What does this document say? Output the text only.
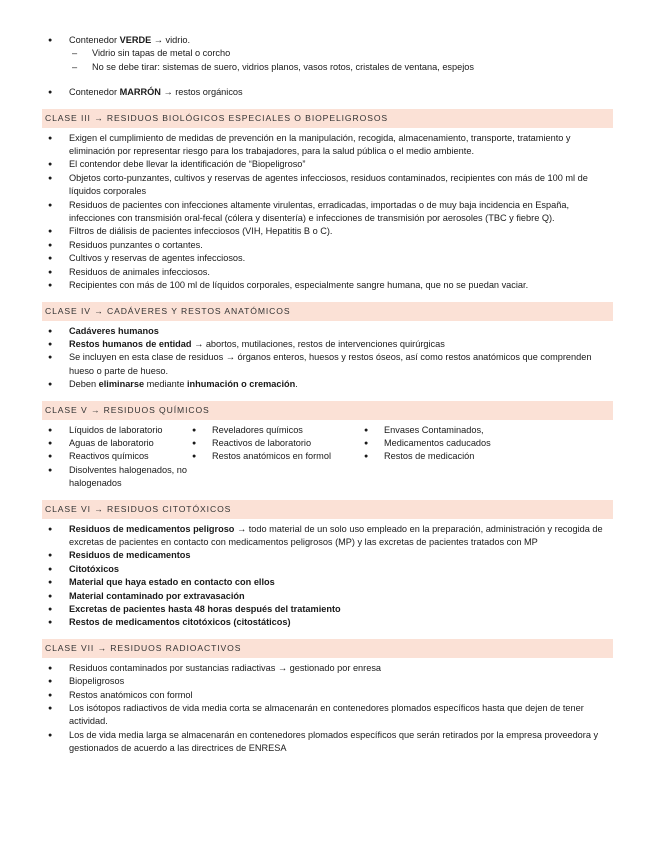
● Contenedor VERDE → vidrio.
– Vidrio sin tapas de metal o corcho
– No se debe tirar: sistemas de suero, vidrios planos, vasos rotos, cristales de ventana, espejos
● Contenedor MARRÓN → restos orgánicos
CLASE III → RESIDUOS BIOLÓGICOS ESPECIALES O BIOPELIGROSOS
● Exigen el cumplimiento de medidas de prevención en la manipulación, recogida, almacenamiento, transporte, tratamiento y eliminación por representar riesgo para los trabajadores, para la salud pública o el medio ambiente.
● El contendor debe llevar la identificación de “Biopeligroso”
● Objetos corto-punzantes, cultivos y reservas de agentes infecciosos, residuos contaminados, recipientes con más de 100 ml de líquidos corporales
● Residuos de pacientes con infecciones altamente virulentas, erradicadas, importadas o de muy baja incidencia en España, infecciones con transmisión oral-fecal (cólera y disentería) e infecciones de transmisión por aerosoles (TBC y fiebre Q).
● Filtros de diálisis de pacientes infecciosos (VIH, Hepatitis B o C).
● Residuos punzantes o cortantes.
● Cultivos y reservas de agentes infecciosos.
● Residuos de animales infecciosos.
● Recipientes con más de 100 ml de líquidos corporales, especialmente sangre humana, que no se puedan vaciar.
CLASE IV → CADÁVERES Y RESTOS ANATÓMICOS
● Cadáveres humanos
● Restos humanos de entidad → abortos, mutilaciones, restos de intervenciones quirúrgicas
● Se incluyen en esta clase de residuos → órganos enteros, huesos y restos óseos, así como restos anatómicos que comprenden hueso o parte de hueso.
● Deben eliminarse mediante inhumación o cremación.
CLASE V → RESIDUOS QUÍMICOS
● Líquidos de laboratorio
● Aguas de laboratorio
● Reactivos químicos
● Disolventes halogenados, no halogenados
● Reveladores químicos
● Reactivos de laboratorio
● Restos anatómicos en formol
● Envases Contaminados,
● Medicamentos caducados
● Restos de medicación
CLASE VI → RESIDUOS CITOTÓXICOS
● Residuos de medicamentos peligroso → todo material de un solo uso empleado en la preparación, administración y recogida de excretas de pacientes en contacto con medicamentos peligrosos (MP) y las excretas de pacientes tratados con MP
● Residuos de medicamentos
● Citotóxicos
● Material que haya estado en contacto con ellos
● Material contaminado por extravasación
● Excretas de pacientes hasta 48 horas después del tratamiento
● Restos de medicamentos citotóxicos (citostáticos)
CLASE VII → RESIDUOS RADIOACTIVOS
● Residuos contaminados por sustancias radiactivas → gestionado por enresa
● Biopeligrosos
● Restos anatómicos con formol
● Los isótopos radiactivos de vida media corta se almacenarán en contenedores plomados específicos hasta que dejen de tener actividad.
● Los de vida media larga se almacenarán en contenedores plomados específicos que serán retirados por la empresa proveedora y gestionados de acuerdo a las directrices de ENRESA
